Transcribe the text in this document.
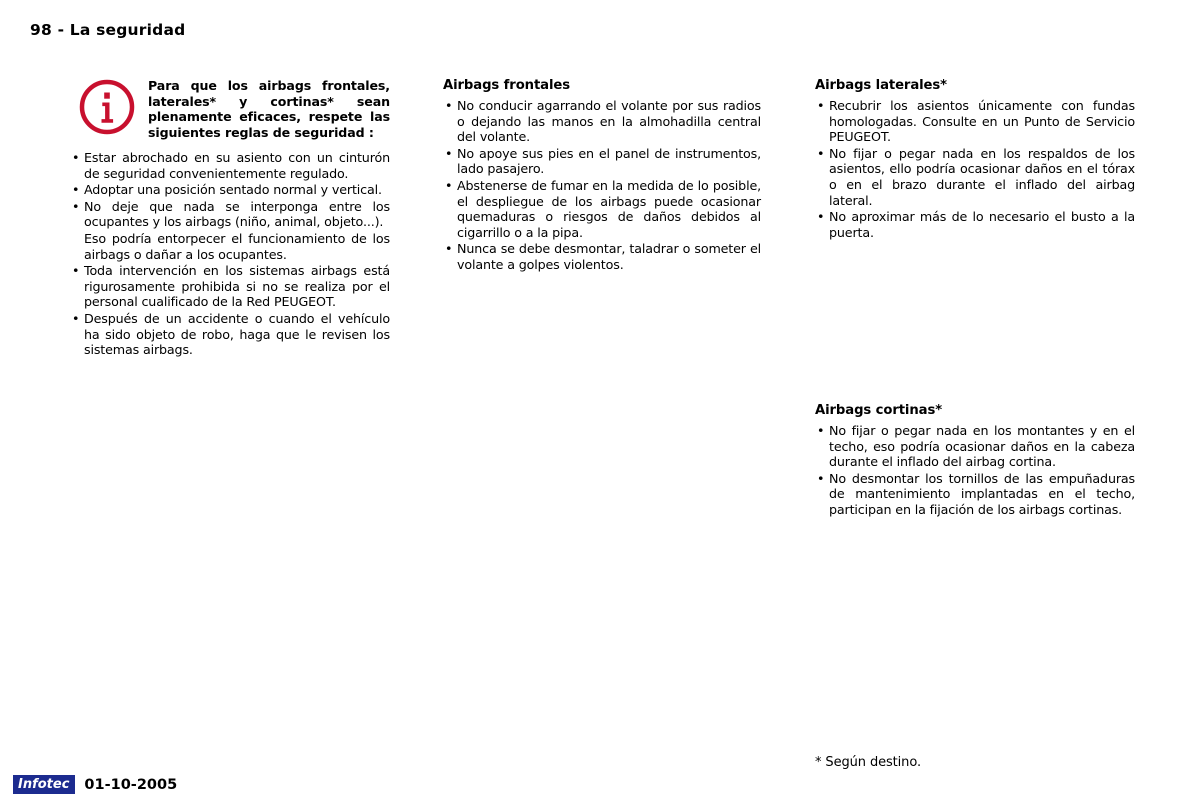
98 - La seguridad
Para que los airbags frontales, laterales* y cortinas* sean plenamente eficaces, respete las siguientes reglas de seguridad :
• Estar abrochado en su asiento con un cinturón de seguridad convenientemente regulado.
• Adoptar una posición sentado normal y vertical.
• No deje que nada se interponga entre los ocupantes y los airbags (niño, animal, objeto...).
Eso podría entorpecer el funcionamiento de los airbags o dañar a los ocupantes.
• Toda intervención en los sistemas airbags está rigurosamente prohibida si no se realiza por el personal cualificado de la Red PEUGEOT.
• Después de un accidente o cuando el vehículo ha sido objeto de robo, haga que le revisen los sistemas airbags.
Airbags frontales
• No conducir agarrando el volante por sus radios o dejando las manos en la almohadilla central del volante.
• No apoye sus pies en el panel de instrumentos, lado pasajero.
• Abstenerse de fumar en la medida de lo posible, el despliegue de los airbags puede ocasionar quemaduras o riesgos de daños debidos al cigarrillo o a la pipa.
• Nunca se debe desmontar, taladrar o someter el volante a golpes violentos.
Airbags laterales*
• Recubrir los asientos únicamente con fundas homologadas. Consulte en un Punto de Servicio PEUGEOT.
• No fijar o pegar nada en los respaldos de los asientos, ello podría ocasionar daños en el tórax o en el brazo durante el inflado del airbag lateral.
• No aproximar más de lo necesario el busto a la puerta.
Airbags cortinas*
• No fijar o pegar nada en los montantes y en el techo, eso podría ocasionar daños en la cabeza durante el inflado del airbag cortina.
• No desmontar los tornillos de las empuñaduras de mantenimiento implantadas en el techo, participan en la fijación de los airbags cortinas.
* Según destino.
Infotec	01-10-2005
